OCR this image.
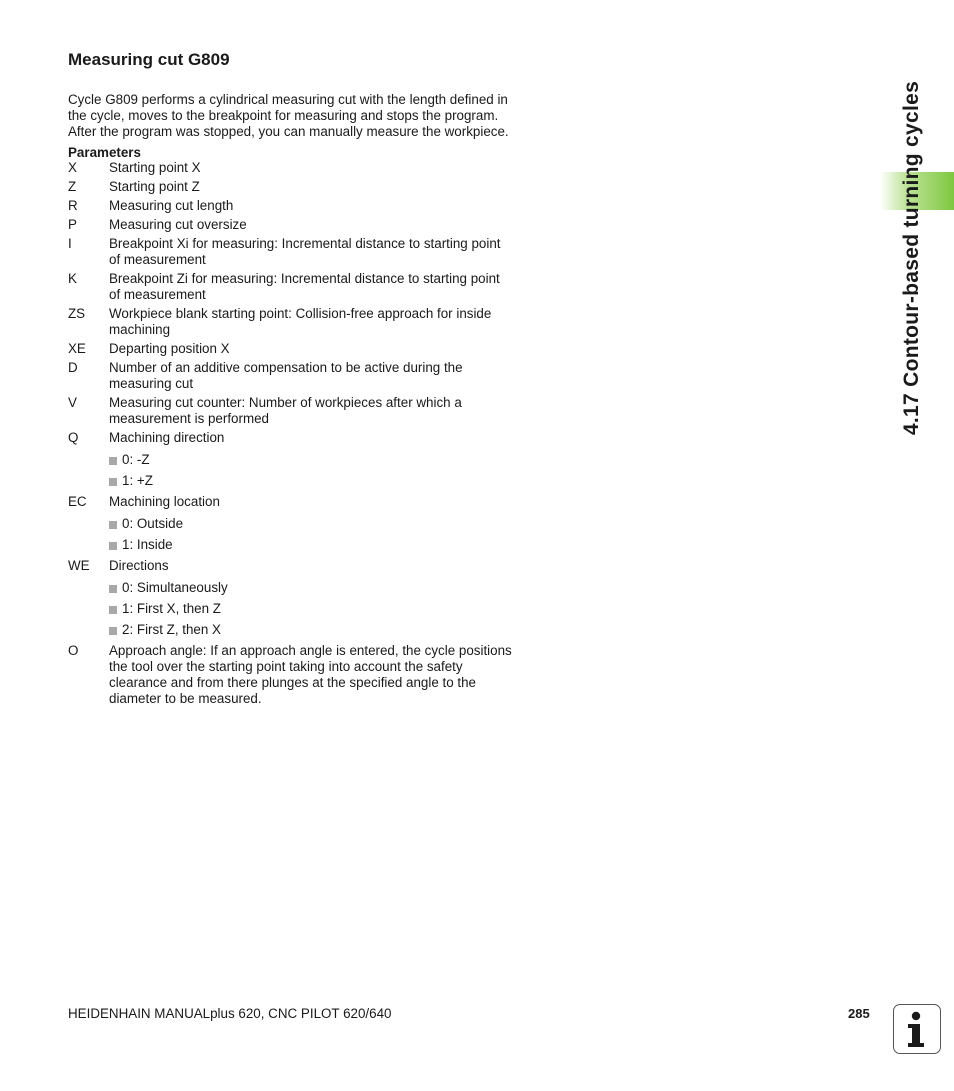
Measuring cut G809

Cycle G809 performs a cylindrical measuring cut with the length defined in the cycle, moves to the breakpoint for measuring and stops the program. After the program was stopped, you can manually measure the workpiece.

Parameters

X	Starting point X
Z	Starting point Z
R	Measuring cut length
P	Measuring cut oversize
I	Breakpoint Xi for measuring: Incremental distance to starting point of measurement
K	Breakpoint Zi for measuring: Incremental distance to starting point of measurement
ZS	Workpiece blank starting point: Collision-free approach for inside machining
XE	Departing position X
D	Number of an additive compensation to be active during the measuring cut
V	Measuring cut counter: Number of workpieces after which a measurement is performed
Q	Machining direction
0: -Z
1: +Z
EC	Machining location
0: Outside
1: Inside
WE	Directions
0: Simultaneously
1: First X, then Z
2: First Z, then X
O	Approach angle: If an approach angle is entered, the cycle positions the tool over the starting point taking into account the safety clearance and from there plunges at the specified angle to the diameter to be measured.
4.17 Contour-based turning cycles
HEIDENHAIN MANUALplus 620, CNC PILOT 620/640	285
